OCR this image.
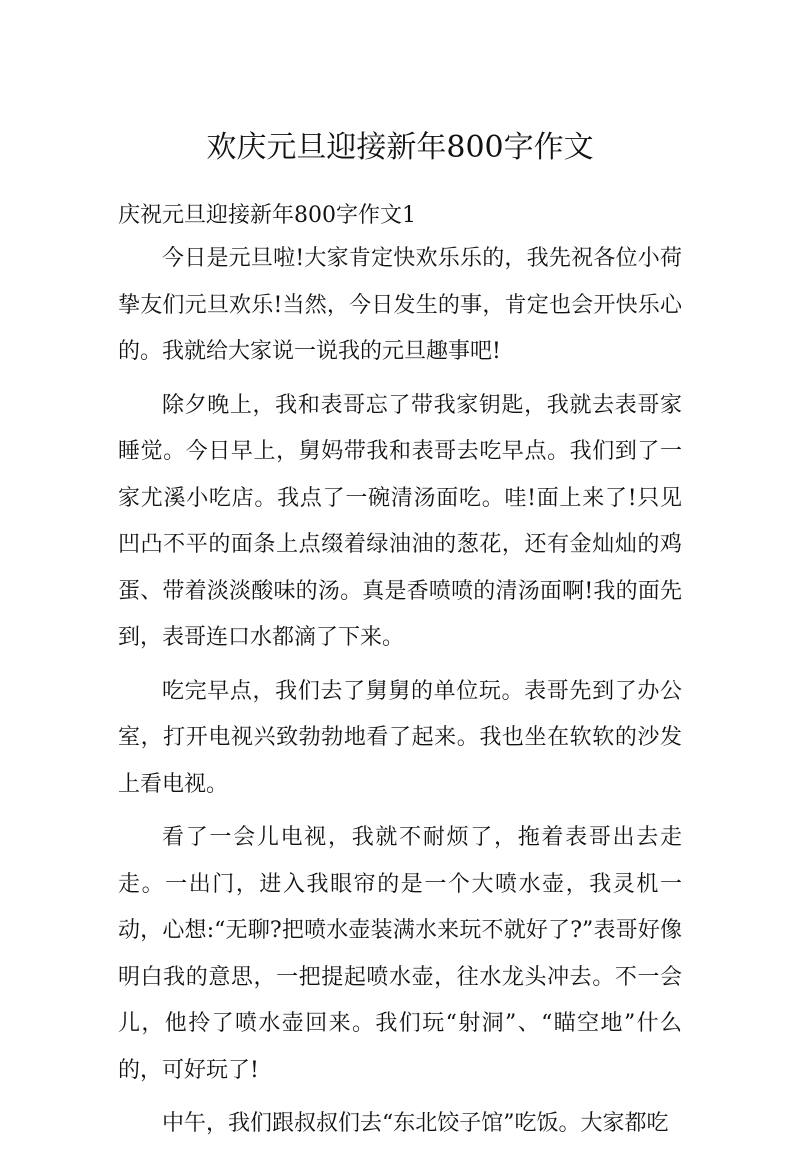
欢庆元旦迎接新年800字作文

庆祝元旦迎接新年800字作文1

今日是元旦啦!大家肯定快欢乐乐的，我先祝各位小荷挚友们元旦欢乐!当然，今日发生的事，肯定也会开快乐心的。我就给大家说一说我的元旦趣事吧!

除夕晚上，我和表哥忘了带我家钥匙，我就去表哥家睡觉。今日早上，舅妈带我和表哥去吃早点。我们到了一家尤溪小吃店。我点了一碗清汤面吃。哇!面上来了!只见凹凸不平的面条上点缀着绿油油的葱花，还有金灿灿的鸡蛋、带着淡淡酸味的汤。真是香喷喷的清汤面啊!我的面先到，表哥连口水都滴了下来。

吃完早点，我们去了舅舅的单位玩。表哥先到了办公室，打开电视兴致勃勃地看了起来。我也坐在软软的沙发上看电视。

看了一会儿电视，我就不耐烦了，拖着表哥出去走走。一出门，进入我眼帘的是一个大喷水壶，我灵机一动，心想:“无聊?把喷水壶装满水来玩不就好了?”表哥好像明白我的意思，一把提起喷水壶，往水龙头冲去。不一会儿，他拎了喷水壶回来。我们玩“射洞”、“瞄空地”什么的，可好玩了!

中午，我们跟叔叔们去“东北饺子馆”吃饭。大家都吃
